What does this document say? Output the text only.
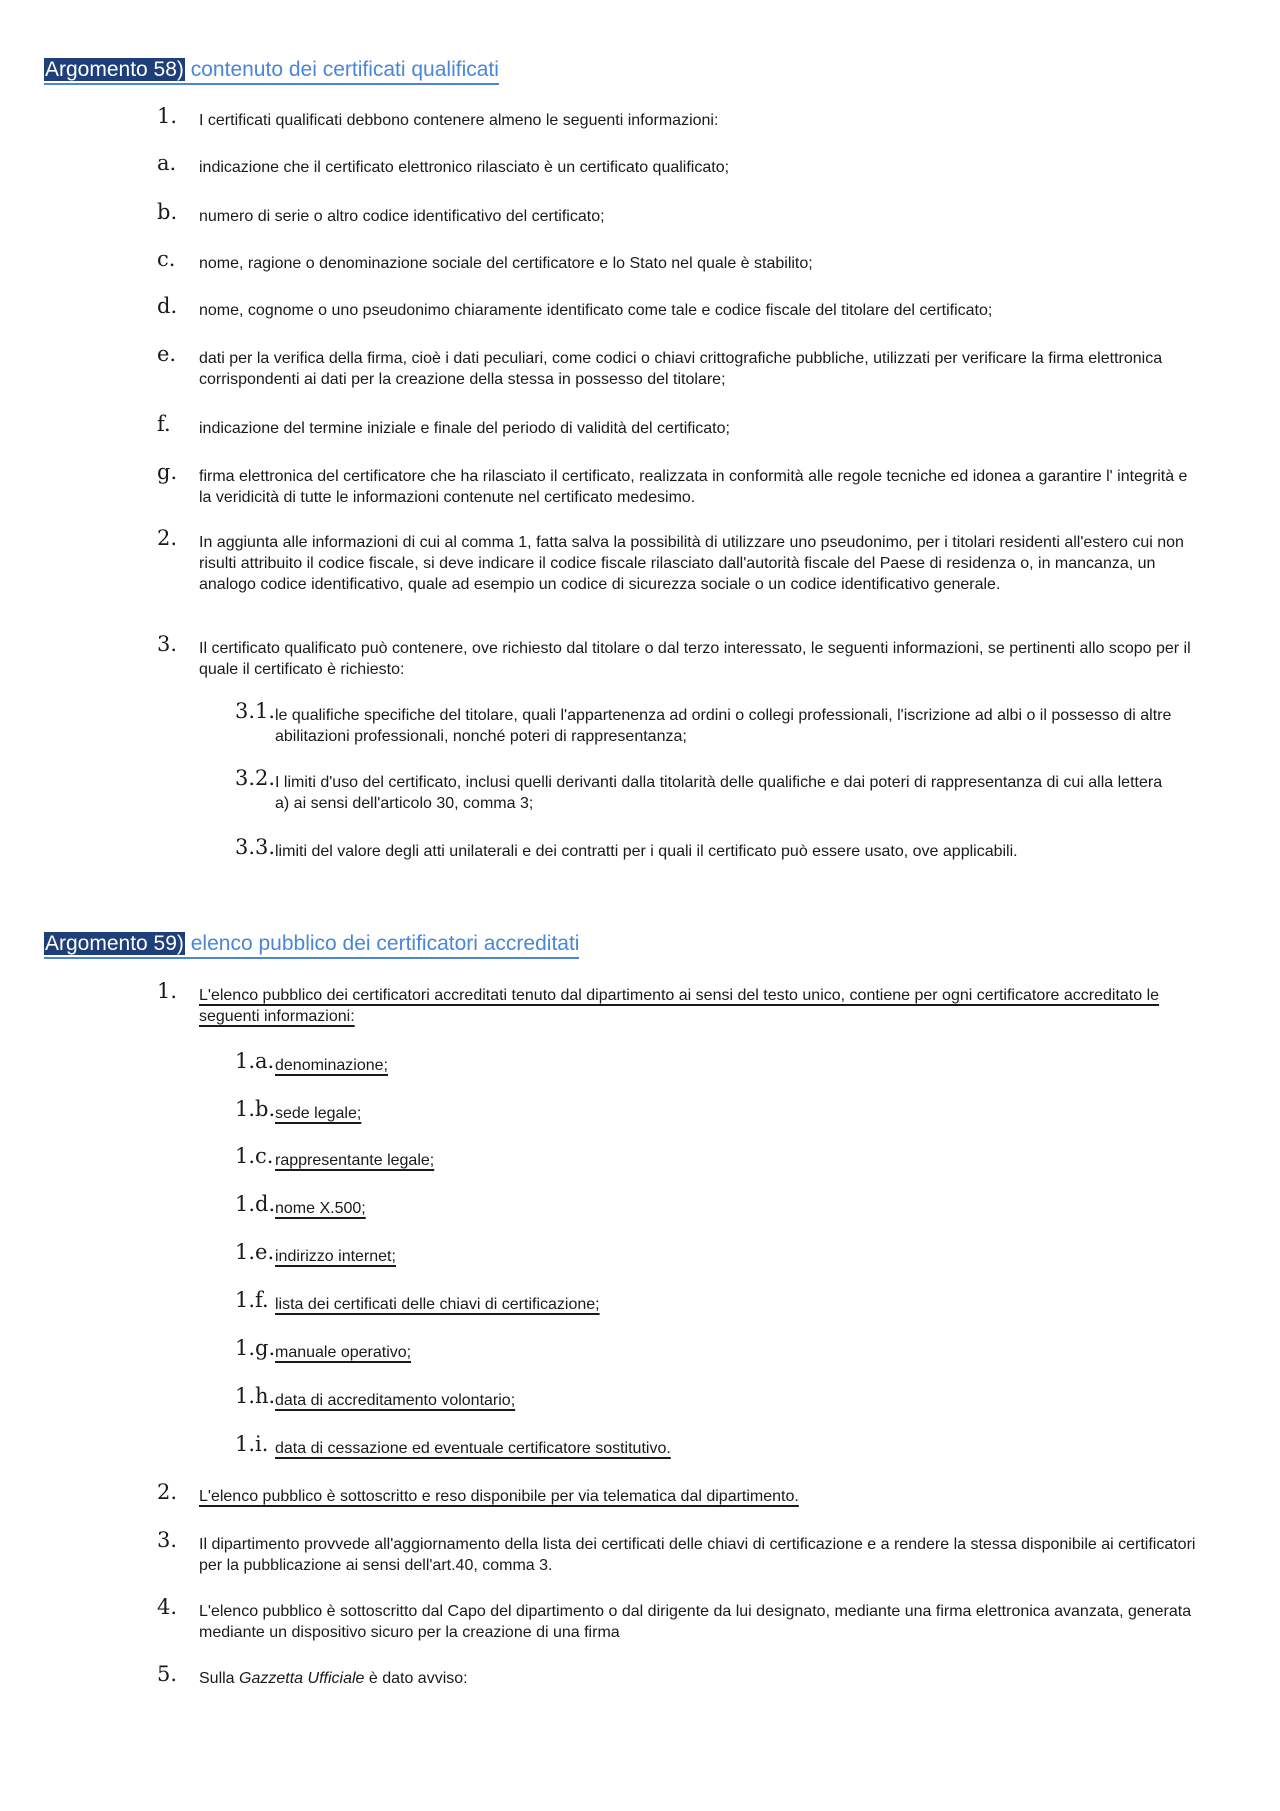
Argomento 58) contenuto dei certificati qualificati
1. I certificati qualificati debbono contenere almeno le seguenti informazioni:
a. indicazione che il certificato elettronico rilasciato è un certificato qualificato;
b. numero di serie o altro codice identificativo del certificato;
c. nome, ragione o denominazione sociale del certificatore e lo Stato nel quale è stabilito;
d. nome, cognome o uno pseudonimo chiaramente identificato come tale e codice fiscale del titolare del certificato;
e. dati per la verifica della firma, cioè i dati peculiari, come codici o chiavi crittografiche pubbliche, utilizzati per verificare la firma elettronica corrispondenti ai dati per la creazione della stessa in possesso del titolare;
f. indicazione del termine iniziale e finale del periodo di validità del certificato;
g. firma elettronica del certificatore che ha rilasciato il certificato, realizzata in conformità alle regole tecniche ed idonea a garantire l' integrità e la veridicità di tutte le informazioni contenute nel certificato medesimo.
2. In aggiunta alle informazioni di cui al comma 1, fatta salva la possibilità di utilizzare uno pseudonimo, per i titolari residenti all'estero cui non risulti attribuito il codice fiscale, si deve indicare il codice fiscale rilasciato dall'autorità fiscale del Paese di residenza o, in mancanza, un analogo codice identificativo, quale ad esempio un codice di sicurezza sociale o un codice identificativo generale.
3. Il certificato qualificato può contenere, ove richiesto dal titolare o dal terzo interessato, le seguenti informazioni, se pertinenti allo scopo per il quale il certificato è richiesto:
3.1. le qualifiche specifiche del titolare, quali l'appartenenza ad ordini o collegi professionali, l'iscrizione ad albi o il possesso di altre abilitazioni professionali, nonché poteri di rappresentanza;
3.2. I limiti d'uso del certificato, inclusi quelli derivanti dalla titolarità delle qualifiche e dai poteri di rappresentanza di cui alla lettera a) ai sensi dell'articolo 30, comma 3;
3.3. limiti del valore degli atti unilaterali e dei contratti per i quali il certificato può essere usato, ove applicabili.
Argomento 59) elenco pubblico dei certificatori accreditati
1. L'elenco pubblico dei certificatori accreditati tenuto dal dipartimento ai sensi del testo unico, contiene per ogni certificatore accreditato le seguenti informazioni:
1.a. denominazione;
1.b. sede legale;
1.c. rappresentante legale;
1.d. nome X.500;
1.e. indirizzo internet;
1.f. lista dei certificati delle chiavi di certificazione;
1.g. manuale operativo;
1.h. data di accreditamento volontario;
1.i. data di cessazione ed eventuale certificatore sostitutivo.
2. L'elenco pubblico è sottoscritto e reso disponibile per via telematica dal dipartimento.
3. Il dipartimento provvede all'aggiornamento della lista dei certificati delle chiavi di certificazione e a rendere la stessa disponibile ai certificatori per la pubblicazione ai sensi dell'art.40, comma 3.
4. L'elenco pubblico è sottoscritto dal Capo del dipartimento o dal dirigente da lui designato, mediante una firma elettronica avanzata, generata mediante un dispositivo sicuro per la creazione di una firma
5. Sulla Gazzetta Ufficiale è dato avviso:
